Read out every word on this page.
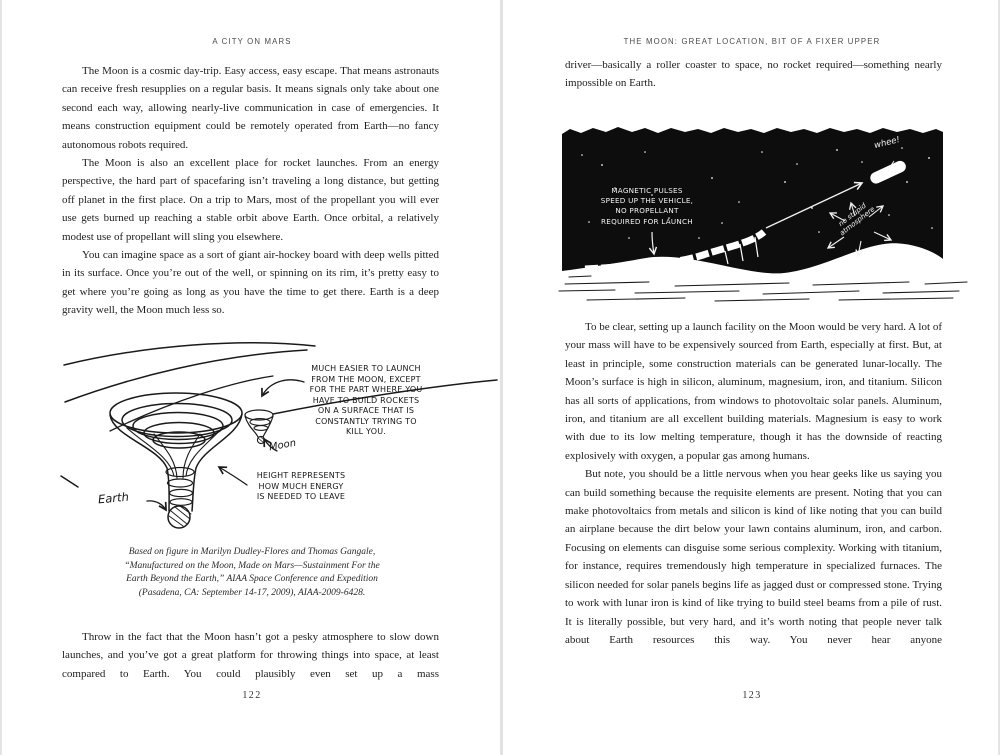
A CITY ON MARS

The Moon is a cosmic day-trip. Easy access, easy escape. That means astronauts can receive fresh resupplies on a regular basis. It means signals only take about one second each way, allowing nearly-live communication in case of emergencies. It means construction equipment could be remotely operated from Earth—no fancy autonomous robots required.

The Moon is also an excellent place for rocket launches. From an energy perspective, the hard part of spacefaring isn’t traveling a long distance, but getting off planet in the first place. On a trip to Mars, most of the propellant you will ever use gets burned up reaching a stable orbit above Earth. Once orbital, a relatively modest use of propellant will sling you elsewhere.

You can imagine space as a sort of giant air-hockey board with deep wells pitted in its surface. Once you’re out of the well, or spinning on its rim, it’s pretty easy to get where you’re going as long as you have the time to get there. Earth is a deep gravity well, the Moon much less so.

MUCH EASIER TO LAUNCH
FROM THE MOON, EXCEPT
FOR THE PART WHERE YOU
HAVE TO BUILD ROCKETS
ON A SURFACE THAT IS
CONSTANTLY TRYING TO
KILL YOU.
HEIGHT REPRESENTS
HOW MUCH ENERGY
IS NEEDED TO LEAVE
Earth
Moon
Based on figure in Marilyn Dudley-Flores and Thomas Gangale,
“Manufactured on the Moon, Made on Mars—Sustainment For the
Earth Beyond the Earth,” AIAA Space Conference and Expedition
(Pasadena, CA: September 14-17, 2009), AIAA-2009-6428.

Throw in the fact that the Moon hasn’t got a pesky atmosphere to slow down launches, and you’ve got a great platform for throwing things into space, at least compared to Earth. You could plausibly even set up a mass

122
THE MOON: GREAT LOCATION, BIT OF A FIXER UPPER

driver—basically a roller coaster to space, no rocket required—something nearly impossible on Earth.

MAGNETIC PULSES
SPEED UP THE VEHICLE,
NO PROPELLANT
REQUIRED FOR LAUNCH
whee!
no stupid atmosphere

To be clear, setting up a launch facility on the Moon would be very hard. A lot of your mass will have to be expensively sourced from Earth, especially at first. But, at least in principle, some construction materials can be generated lunar-locally. The Moon’s surface is high in silicon, aluminum, magnesium, iron, and titanium. Silicon has all sorts of applications, from windows to photovoltaic solar panels. Aluminum, iron, and titanium are all excellent building materials. Magnesium is easy to work with due to its low melting temperature, though it has the downside of reacting explosively with oxygen, a popular gas among humans.

But note, you should be a little nervous when you hear geeks like us saying you can build something because the requisite elements are present. Noting that you can make photovoltaics from metals and silicon is kind of like noting that you can build an airplane because the dirt below your lawn contains aluminum, iron, and carbon. Focusing on elements can disguise some serious complexity. Working with titanium, for instance, requires tremendously high temperature in specialized furnaces. The silicon needed for solar panels begins life as jagged dust or compressed stone. Trying to work with lunar iron is kind of like trying to build steel beams from a pile of rust. It is literally possible, but very hard, and it’s worth noting that people never talk about Earth resources this way. You never hear anyone

123
